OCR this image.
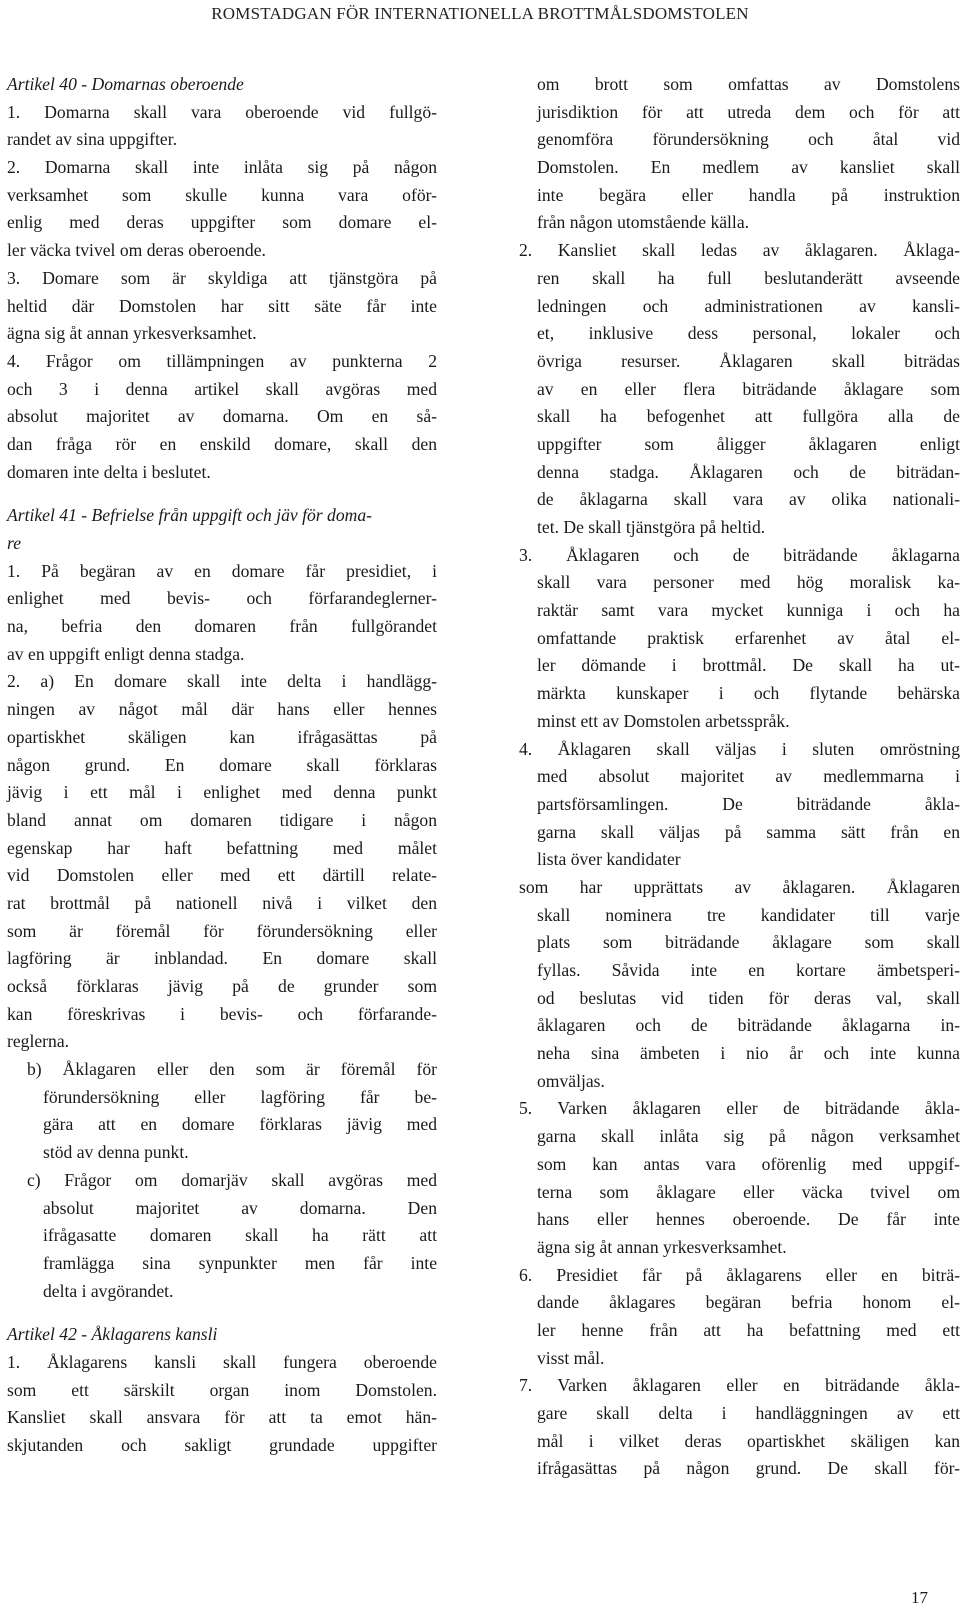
ROMSTADGAN FÖR INTERNATIONELLA BROTTMÅLSDOMSTOLEN
Artikel 40 - Domarnas oberoende
1. Domarna skall vara oberoende vid fullgö-
randet av sina uppgifter.
2. Domarna skall inte inlåta sig på någon
verksamhet som skulle kunna vara oför-
enlig med deras uppgifter som domare el-
ler väcka tvivel om deras oberoende.
3. Domare som är skyldiga att tjänstgöra på
heltid där Domstolen har sitt säte får inte
ägna sig åt annan yrkesverksamhet.
4. Frågor om tillämpningen av punkterna 2
och 3 i denna artikel skall avgöras med
absolut majoritet av domarna. Om en så-
dan fråga rör en enskild domare, skall den
domaren inte delta i beslutet.
Artikel 41 - Befrielse från uppgift och jäv för doma-
re
1. På begäran av en domare får presidiet, i
enlighet med bevis- och förfarandeglerner-
na, befria den domaren från fullgörandet
av en uppgift enligt denna stadga.
2. a) En domare skall inte delta i handlägg-
ningen av något mål där hans eller hennes
opartiskhet skäligen kan ifrågasättas på
någon grund. En domare skall förklaras
jävig i ett mål i enlighet med denna punkt
bland annat om domaren tidigare i någon
egenskap har haft befattning med målet
vid Domstolen eller med ett därtill relate-
rat brottmål på nationell nivå i vilket den
som är föremål för förundersökning eller
lagföring är inblandad. En domare skall
också förklaras jävig på de grunder som
kan föreskrivas i bevis- och förfarande-
reglerna.
b) Åklagaren eller den som är föremål för
förundersökning eller lagföring får be-
gära att en domare förklaras jävig med
stöd av denna punkt.
c) Frågor om domarjäv skall avgöras med
absolut majoritet av domarna. Den
ifrågasatte domaren skall ha rätt att
framlägga sina synpunkter men får inte
delta i avgörandet.
Artikel 42 - Åklagarens kansli
1. Åklagarens kansli skall fungera oberoende
som ett särskilt organ inom Domstolen.
Kansliet skall ansvara för att ta emot hän-
skjutanden och sakligt grundade uppgifter
om brott som omfattas av Domstolens
jurisdiktion för att utreda dem och för att
genomföra förundersökning och åtal vid
Domstolen. En medlem av kansliet skall
inte begära eller handla på instruktion
från någon utomstående källa.
2. Kansliet skall ledas av åklagaren. Åklaga-
ren skall ha full beslutanderätt avseende
ledningen och administrationen av kansli-
et, inklusive dess personal, lokaler och
övriga resurser. Åklagaren skall biträdas
av en eller flera biträdande åklagare som
skall ha befogenhet att fullgöra alla de
uppgifter som åligger åklagaren enligt
denna stadga. Åklagaren och de biträdan-
de åklagarna skall vara av olika nationali-
tet. De skall tjänstgöra på heltid.
3. Åklagaren och de biträdande åklagarna
skall vara personer med hög moralisk ka-
raktär samt vara mycket kunniga i och ha
omfattande praktisk erfarenhet av åtal el-
ler dömande i brottmål. De skall ha ut-
märkta kunskaper i och flytande behärska
minst ett av Domstolen arbetsspråk.
4. Åklagaren skall väljas i sluten omröstning
med absolut majoritet av medlemmarna i
partsförsamlingen. De biträdande åkla-
garna skall väljas på samma sätt från en
lista över kandidater
som har upprättats av åklagaren. Åklagaren
skall nominera tre kandidater till varje
plats som biträdande åklagare som skall
fyllas. Såvida inte en kortare ämbetsperi-
od beslutas vid tiden för deras val, skall
åklagaren och de biträdande åklagarna in-
neha sina ämbeten i nio år och inte kunna
omväljas.
5. Varken åklagaren eller de biträdande åkla-
garna skall inlåta sig på någon verksamhet
som kan antas vara oförenlig med uppgif-
terna som åklagare eller väcka tvivel om
hans eller hennes oberoende. De får inte
ägna sig åt annan yrkesverksamhet.
6. Presidiet får på åklagarens eller en biträ-
dande åklagares begäran befria honom el-
ler henne från att ha befattning med ett
visst mål.
7. Varken åklagaren eller en biträdande åkla-
gare skall delta i handläggningen av ett
mål i vilket deras opartiskhet skäligen kan
ifrågasättas på någon grund. De skall för-
17
